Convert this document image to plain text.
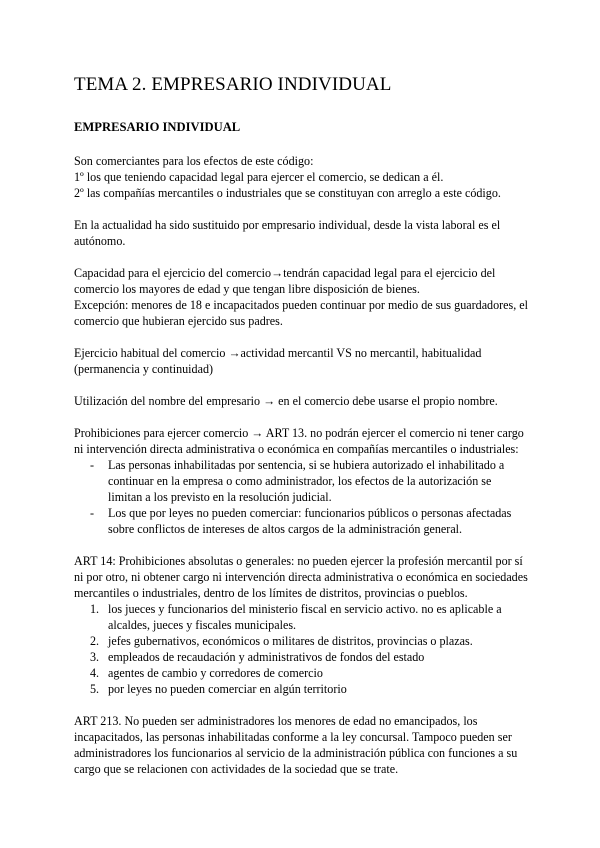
TEMA 2. EMPRESARIO INDIVIDUAL
EMPRESARIO INDIVIDUAL

Son comerciantes para los efectos de este código:
1º los que teniendo capacidad legal para ejercer el comercio, se dedican a él.
2º las compañías mercantiles o industriales que se constituyan con arreglo a este código.

En la actualidad ha sido sustituido por empresario individual, desde la vista laboral es el
autónomo.

Capacidad para el ejercicio del comercio→tendrán capacidad legal para el ejercicio del
comercio los mayores de edad y que tengan libre disposición de bienes.
Excepción: menores de 18 e incapacitados pueden continuar por medio de sus guardadores, el
comercio que hubieran ejercido sus padres.

Ejercicio habitual del comercio →actividad mercantil VS no mercantil, habitualidad
(permanencia y continuidad)

Utilización del nombre del empresario → en el comercio debe usarse el propio nombre.

Prohibiciones para ejercer comercio → ART 13. no podrán ejercer el comercio ni tener cargo
ni intervención directa administrativa o económica en compañías mercantiles o industriales:

-	Las personas inhabilitadas por sentencia, si se hubiera autorizado el inhabilitado a
continuar en la empresa o como administrador, los efectos de la autorización se
limitan a los previsto en la resolución judicial.
-	Los que por leyes no pueden comerciar: funcionarios públicos o personas afectadas
sobre conflictos de intereses de altos cargos de la administración general.

ART 14: Prohibiciones absolutas o generales: no pueden ejercer la profesión mercantil por sí
ni por otro, ni obtener cargo ni intervención directa administrativa o económica en sociedades
mercantiles o industriales, dentro de los límites de distritos, provincias o pueblos.

1. los jueces y funcionarios del ministerio fiscal en servicio activo. no es aplicable a
alcaldes, jueces y fiscales municipales.
2. jefes gubernativos, económicos o militares de distritos, provincias o plazas.
3. empleados de recaudación y administrativos de fondos del estado
4. agentes de cambio y corredores de comercio
5. por leyes no pueden comerciar en algún territorio

ART 213. No pueden ser administradores los menores de edad no emancipados, los
incapacitados, las personas inhabilitadas conforme a la ley concursal. Tampoco pueden ser
administradores los funcionarios al servicio de la administración pública con funciones a su
cargo que se relacionen con actividades de la sociedad que se trate.
